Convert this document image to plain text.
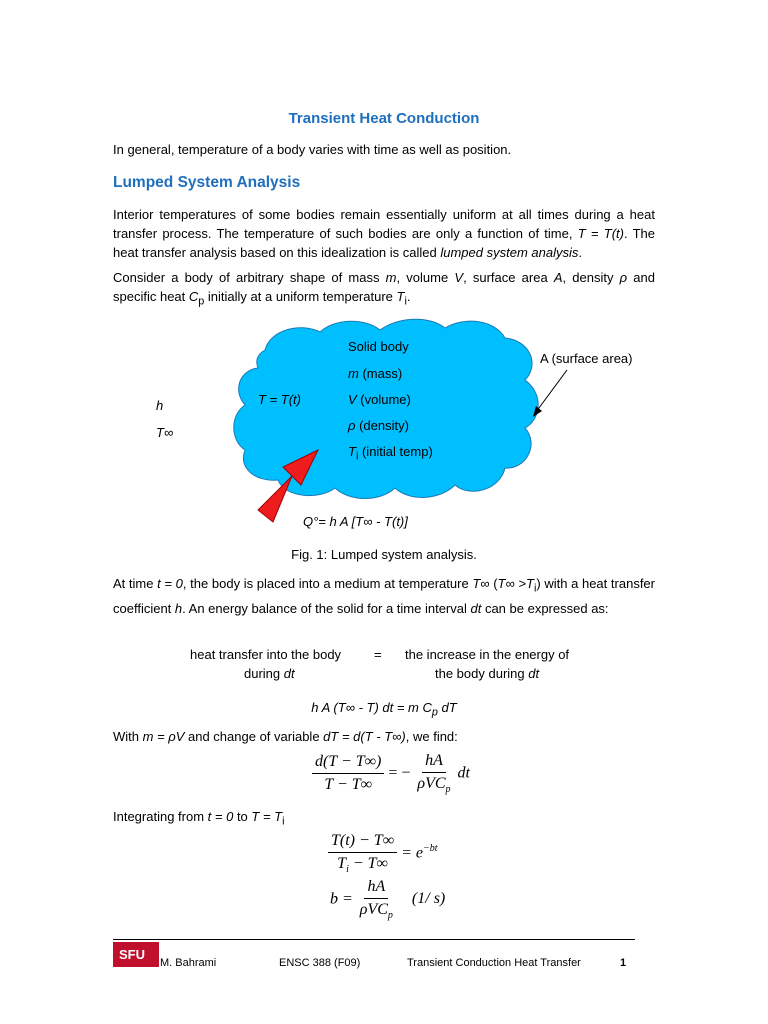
Transient Heat Conduction
In general, temperature of a body varies with time as well as position.
Lumped System Analysis
Interior temperatures of some bodies remain essentially uniform at all times during a heat transfer process. The temperature of such bodies are only a function of time, T = T(t). The heat transfer analysis based on this idealization is called lumped system analysis.
Consider a body of arbitrary shape of mass m, volume V, surface area A, density ρ and specific heat $C_p$ initially at a uniform temperature $T_i$.
Solid body
m (mass)
V (volume)
ρ (density)
$T_i$ (initial temp)
T = T(t)
A (surface area)
h
T∞
Q°= h A [T∞ - T(t)]
Fig. 1: Lumped system analysis.
At time t = 0, the body is placed into a medium at temperature T∞ $(T\infty >T_i)$ with a heat transfer coefficient h. An energy balance of the solid for a time interval dt can be expressed as:
heat transfer into the body	= the increase in the energy of
during dt	the body during dt
h A (T∞ - T) dt = m $C_p$ dT
With m = ρV and change of variable dT = d(T - T∞), we find:
$\frac{d(T - T\infty)}{T - T\infty}$ = − $\frac{hA}{\rho VC_p}$ dt
Integrating from t = 0 to $T = T_i$
$\frac{T(t) - T\infty}{T_i - T\infty} = e^{-bt}$
$b = \frac{hA}{\rho VC_p} (1/$ s)
SFU
M. Bahrami	ENSC 388 (F09)	Transient Conduction Heat Transfer	1
